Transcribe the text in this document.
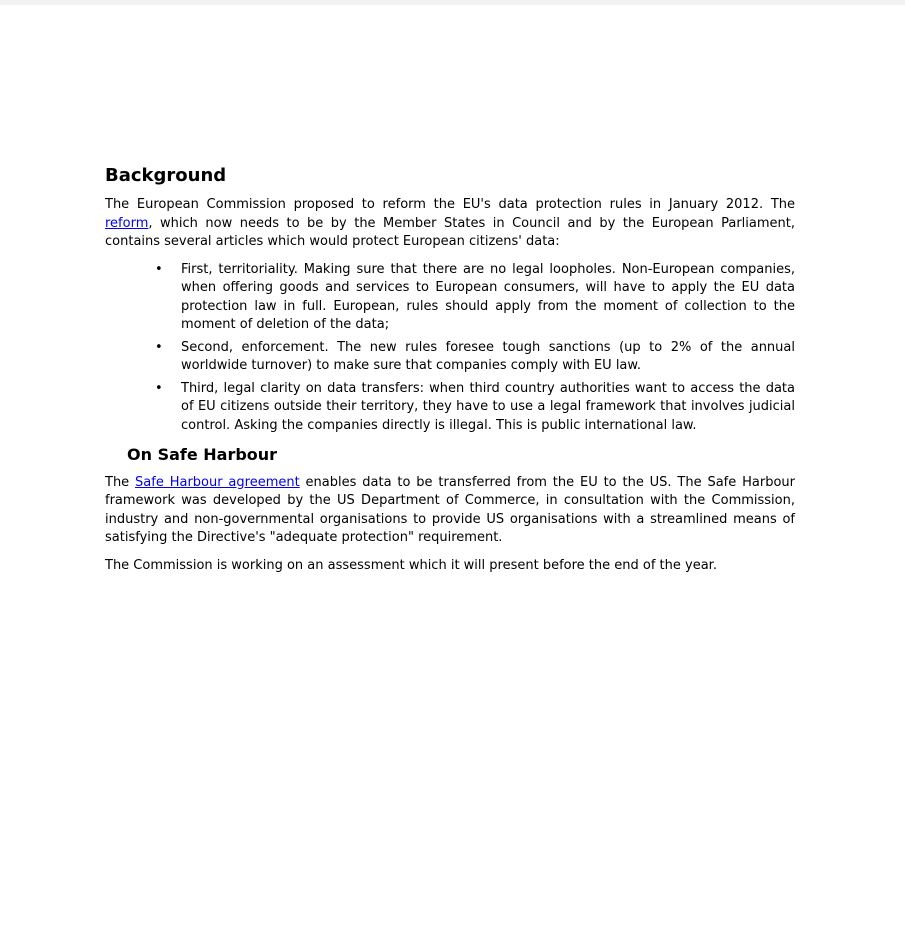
Background

The European Commission proposed to reform the EU's data protection rules in January 2012. The reform, which now needs to be by the Member States in Council and by the European Parliament, contains several articles which would protect European citizens' data:

• First, territoriality. Making sure that there are no legal loopholes. Non-European companies, when offering goods and services to European consumers, will have to apply the EU data protection law in full. European, rules should apply from the moment of collection to the moment of deletion of the data;
• Second, enforcement. The new rules foresee tough sanctions (up to 2% of the annual worldwide turnover) to make sure that companies comply with EU law.
• Third, legal clarity on data transfers: when third country authorities want to access the data of EU citizens outside their territory, they have to use a legal framework that involves judicial control. Asking the companies directly is illegal. This is public international law.
On Safe Harbour

The Safe Harbour agreement enables data to be transferred from the EU to the US. The Safe Harbour framework was developed by the US Department of Commerce, in consultation with the Commission, industry and non-governmental organisations to provide US organisations with a streamlined means of satisfying the Directive's "adequate protection" requirement.

The Commission is working on an assessment which it will present before the end of the year.
